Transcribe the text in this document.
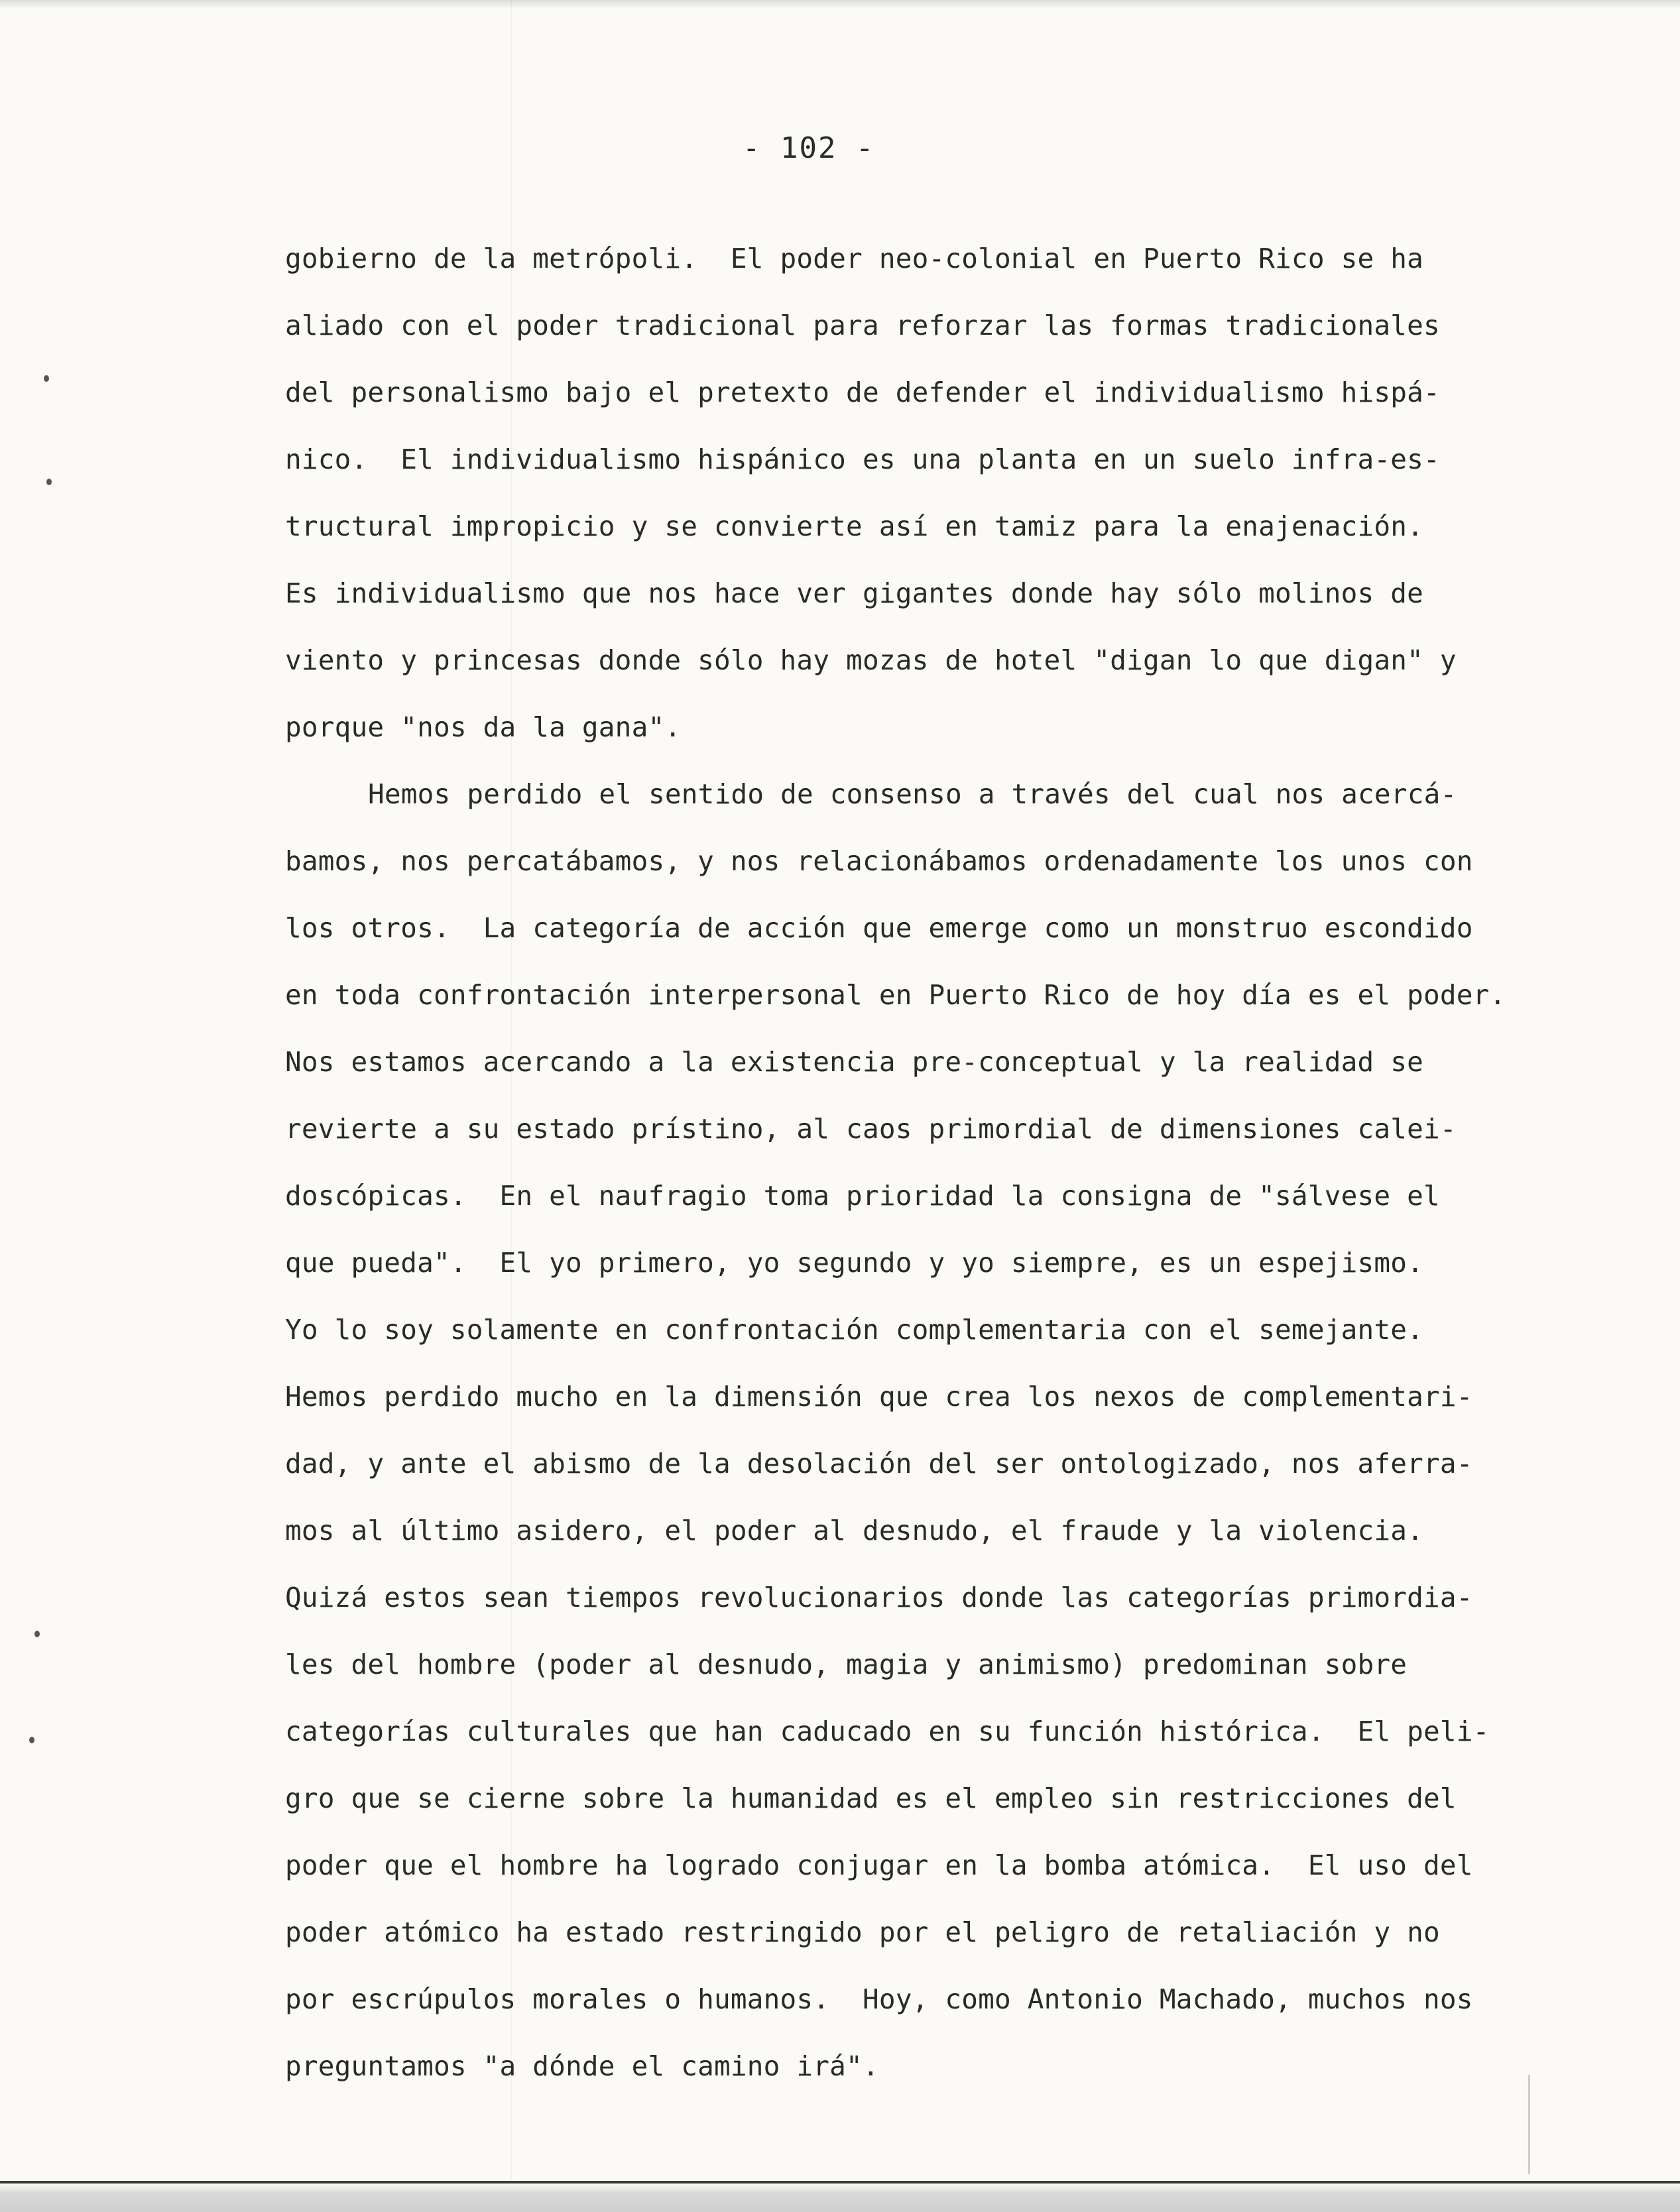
- 102 -
gobierno de la metrópoli.  El poder neo-colonial en Puerto Rico se ha
aliado con el poder tradicional para reforzar las formas tradicionales
del personalismo bajo el pretexto de defender el individualismo hispá-
nico.  El individualismo hispánico es una planta en un suelo infra-es-
tructural impropicio y se convierte así en tamiz para la enajenación.
Es individualismo que nos hace ver gigantes donde hay sólo molinos de
viento y princesas donde sólo hay mozas de hotel "digan lo que digan" y
porque "nos da la gana".
Hemos perdido el sentido de consenso a través del cual nos acercá-
bamos, nos percatábamos, y nos relacionábamos ordenadamente los unos con
los otros.  La categoría de acción que emerge como un monstruo escondido
en toda confrontación interpersonal en Puerto Rico de hoy día es el poder.
Nos estamos acercando a la existencia pre-conceptual y la realidad se
revierte a su estado prístino, al caos primordial de dimensiones calei-
doscópicas.  En el naufragio toma prioridad la consigna de "sálvese el
que pueda".  El yo primero, yo segundo y yo siempre, es un espejismo.
Yo lo soy solamente en confrontación complementaria con el semejante.
Hemos perdido mucho en la dimensión que crea los nexos de complementari-
dad, y ante el abismo de la desolación del ser ontologizado, nos aferra-
mos al último asidero, el poder al desnudo, el fraude y la violencia.
Quizá estos sean tiempos revolucionarios donde las categorías primordia-
les del hombre (poder al desnudo, magia y animismo) predominan sobre
categorías culturales que han caducado en su función histórica.  El peli-
gro que se cierne sobre la humanidad es el empleo sin restricciones del
poder que el hombre ha logrado conjugar en la bomba atómica.  El uso del
poder atómico ha estado restringido por el peligro de retaliación y no
por escrúpulos morales o humanos.  Hoy, como Antonio Machado, muchos nos
preguntamos "a dónde el camino irá".
